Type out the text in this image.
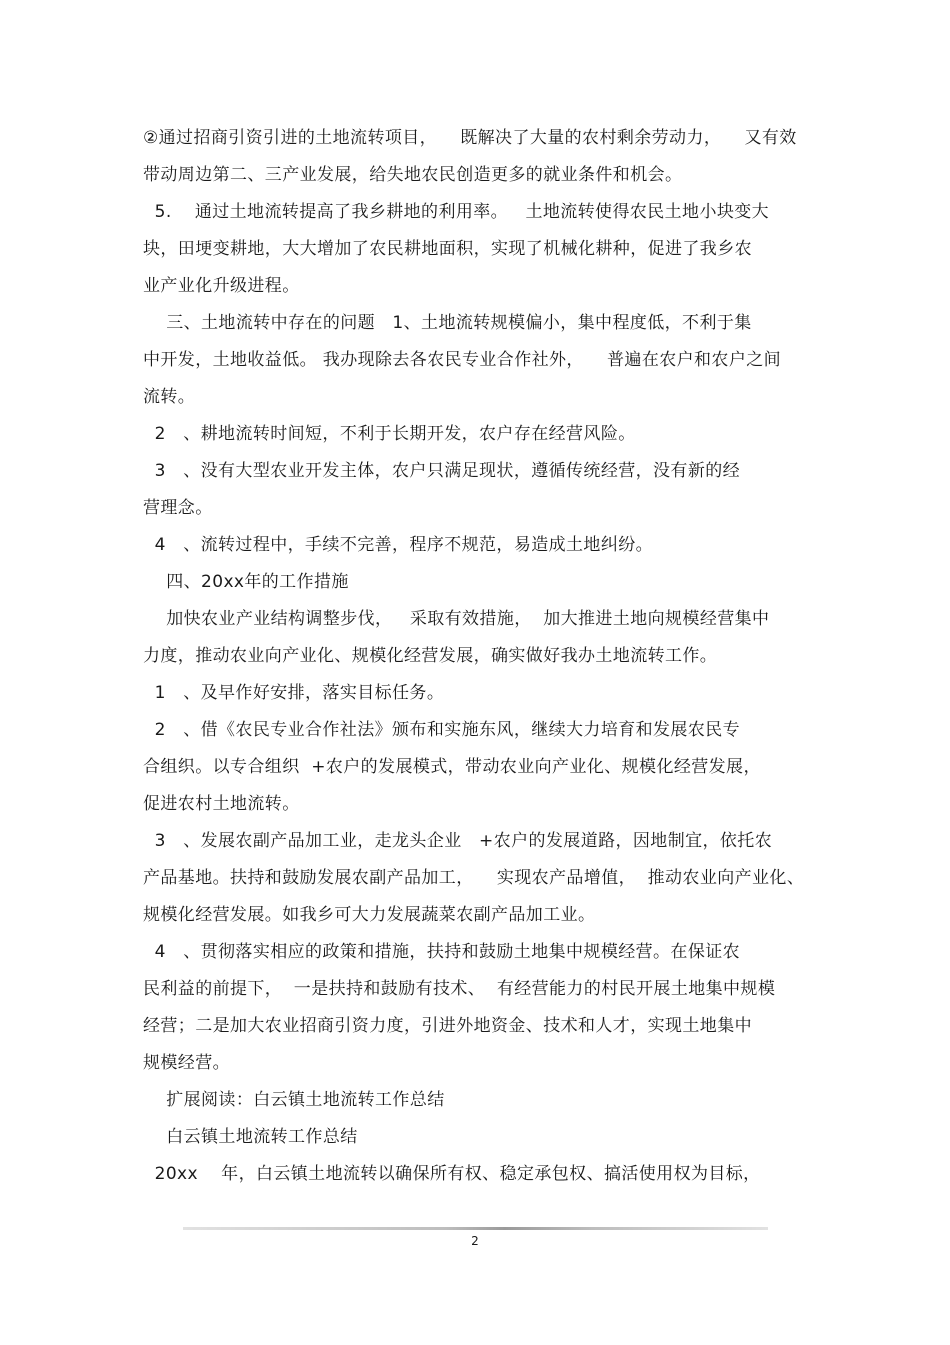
②通过招商引资引进的土地流转项目，    既解决了大量的农村剩余劳动力，    又有效
带动周边第二、三产业发展，给失地农民创造更多的就业条件和机会。
5.    通过土地流转提高了我乡耕地的利用率。   土地流转使得农民土地小块变大
块，田埂变耕地，大大增加了农民耕地面积，实现了机械化耕种，促进了我乡农
业产业化升级进程。
三、土地流转中存在的问题   1、土地流转规模偏小，集中程度低，不利于集
中开发，土地收益低。 我办现除去各农民专业合作社外，    普遍在农户和农户之间
流转。
2   、耕地流转时间短，不利于长期开发，农户存在经营风险。
3   、没有大型农业开发主体，农户只满足现状，遵循传统经营，没有新的经
营理念。
4   、流转过程中，手续不完善，程序不规范，易造成土地纠纷。
四、20xx年的工作措施
加快农业产业结构调整步伐，   采取有效措施，  加大推进土地向规模经营集中
力度，推动农业向产业化、规模化经营发展，确实做好我办土地流转工作。
1   、及早作好安排，落实目标任务。
2   、借《农民专业合作社法》颁布和实施东风，继续大力培育和发展农民专
合组织。以专合组织  +农户的发展模式，带动农业向产业化、规模化经营发展，
促进农村土地流转。
3   、发展农副产品加工业，走龙头企业   +农户的发展道路，因地制宜，依托农
产品基地。扶持和鼓励发展农副产品加工，    实现农产品增值，  推动农业向产业化、
规模化经营发展。如我乡可大力发展蔬菜农副产品加工业。
4   、贯彻落实相应的政策和措施，扶持和鼓励土地集中规模经营。在保证农
民利益的前提下，  一是扶持和鼓励有技术、  有经营能力的村民开展土地集中规模
经营；二是加大农业招商引资力度，引进外地资金、技术和人才，实现土地集中
规模经营。
扩展阅读：白云镇土地流转工作总结
白云镇土地流转工作总结
20xx    年，白云镇土地流转以确保所有权、稳定承包权、搞活使用权为目标，
2
